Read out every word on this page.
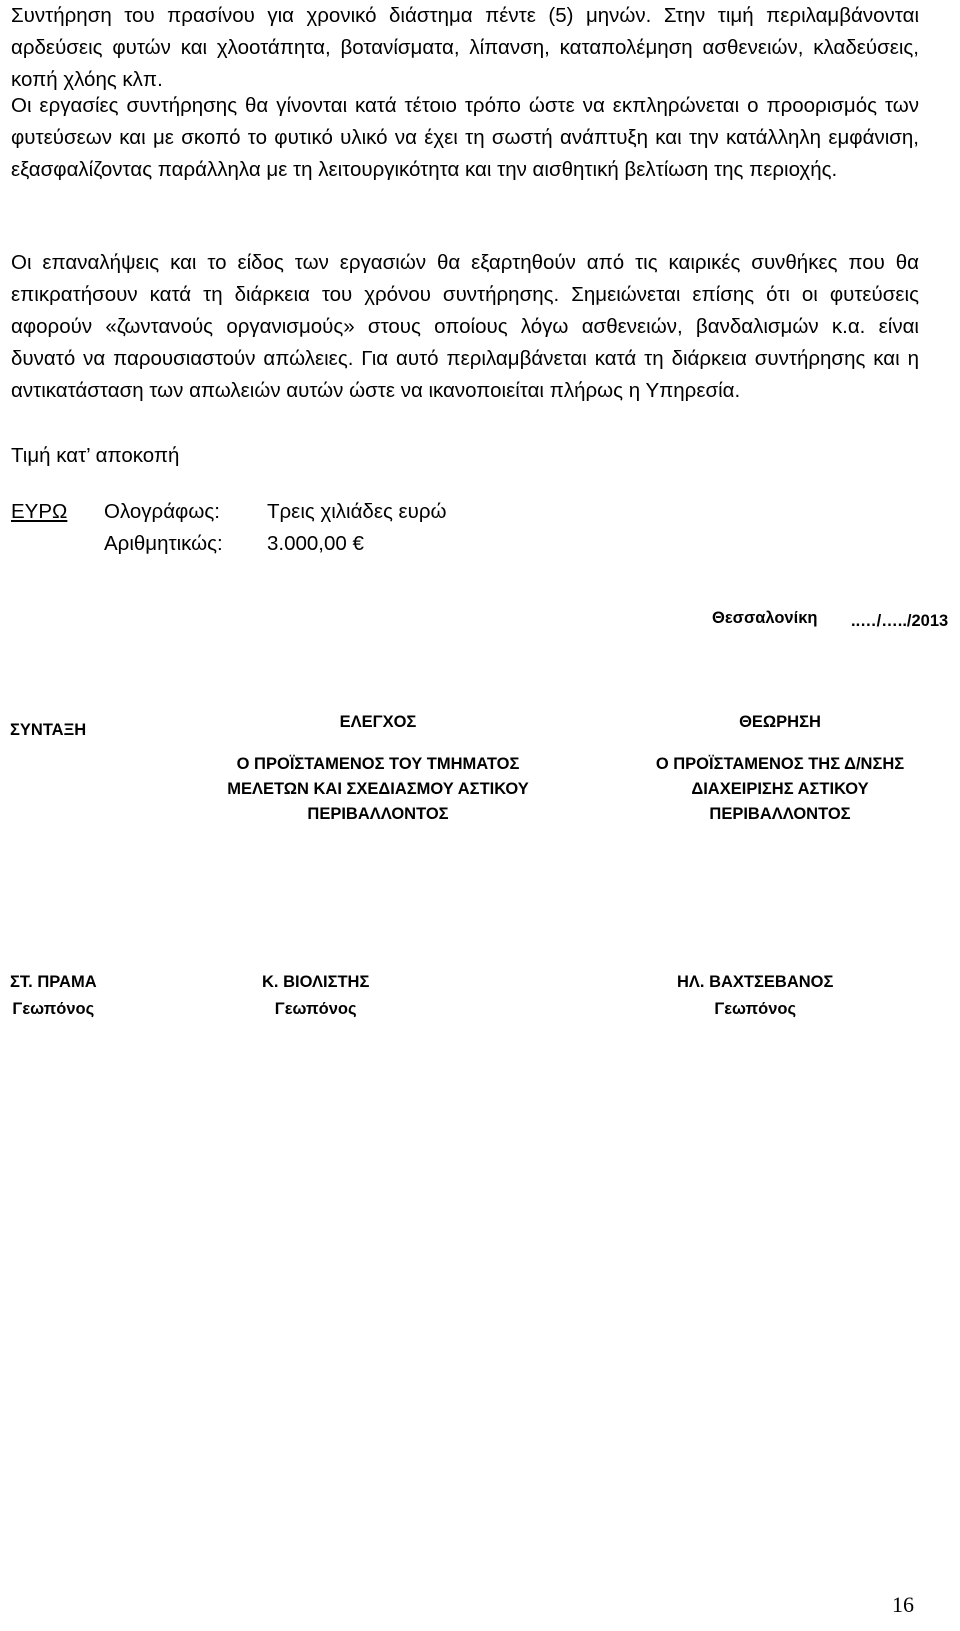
Συντήρηση του πρασίνου για χρονικό διάστημα πέντε (5) μηνών. Στην τιμή περιλαμβάνονται αρδεύσεις φυτών και χλοοτάπητα, βοτανίσματα, λίπανση, καταπολέμηση ασθενειών, κλαδεύσεις, κοπή χλόης κλπ.

Οι εργασίες συντήρησης θα γίνονται κατά τέτοιο τρόπο ώστε να εκπληρώνεται ο προορισμός των φυτεύσεων και με σκοπό το φυτικό υλικό να έχει τη σωστή ανάπτυξη και την κατάλληλη εμφάνιση, εξασφαλίζοντας παράλληλα με τη λειτουργικότητα και την αισθητική βελτίωση της περιοχής.

Οι επαναλήψεις και το είδος των εργασιών θα εξαρτηθούν από τις καιρικές συνθήκες που θα επικρατήσουν κατά τη διάρκεια του χρόνου συντήρησης. Σημειώνεται επίσης ότι οι φυτεύσεις αφορούν «ζωντανούς οργανισμούς» στους οποίους λόγω ασθενειών, βανδαλισμών κ.α. είναι δυνατό να παρουσιαστούν απώλειες. Για αυτό περιλαμβάνεται κατά τη διάρκεια συντήρησης και η αντικατάσταση των απωλειών αυτών ώστε να ικανοποιείται πλήρως η Υπηρεσία.

Τιμή κατ’ αποκοπή
ΕΥΡΩ Ολογράφως: Τρεις χιλιάδες ευρώ
Αριθμητικώς: 3.000,00 €
Θεσσαλονίκη ..…/…../2013
ΣΥΝΤΑΞΗ	ΕΛΕΓΧΟΣ
Ο ΠΡΟΪΣΤΑΜΕΝΟΣ ΤΟΥ ΤΜΗΜΑΤΟΣ
ΜΕΛΕΤΩΝ ΚΑΙ ΣΧΕΔΙΑΣΜΟΥ ΑΣΤΙΚΟΥ
ΠΕΡΙΒΑΛΛΟΝΤΟΣ
ΘΕΩΡΗΣΗ
Ο ΠΡΟΪΣΤΑΜΕΝΟΣ ΤΗΣ Δ/ΝΣΗΣ
ΔΙΑΧΕΙΡΙΣΗΣ ΑΣΤΙΚΟΥ
ΠΕΡΙΒΑΛΛΟΝΤΟΣ
ΣΤ. ΠΡΑΜΑ
Γεωπόνος
Κ. ΒΙΟΛΙΣΤΗΣ
Γεωπόνος
ΗΛ. ΒΑΧΤΣΕΒΑΝΟΣ
Γεωπόνος
16
